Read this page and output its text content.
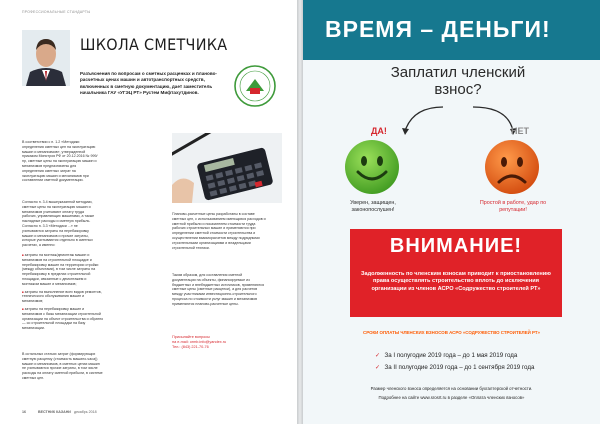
ПРОФЕССИОНАЛЬНЫЕ СТАНДАРТЫ

ШКОЛА СМЕТЧИКА

Разъяснения по вопросам о сметных расценках и планово-расчетных ценах машин и автотранспортных средств, включенных в сметную документацию, дает заместитель начальника ГАУ «УГЭЦ РТ» Рустем Мифтахутдинов.

В соответствии с п. 1.2 «Методики определения сметных цен на эксплуатацию машин и механизмов», утвержденной приказом Минстроя РФ от 20.12.2016 № 999/пр, сметные цены на эксплуатацию машин и механизмов предназначены для определения сметных затрат на эксплуатацию машин и механизмов при составлении сметной документации.

Согласно п. 3.4 вышеуказанной методики, сметные цены на эксплуатацию машин и механизмов учитывают оплату труда рабочих, управляющих машинами, а также накладные расходы и сметную прибыль. Согласно п. 3.3 «Методики ...» не учитываются затраты на перебазировку машин и механизмов и прочие затраты, которые учитываются отдельно в сметных расчетах, а именно:

■ затраты на монтаж/демонтаж машин и механизмов на строительной площадке и перебазировку машин на территории стройки (между объектами), в том числе затраты на перебазировку в пределах строительной площадки, связанные с демонтажем и монтажом машин и механизмов;
■ затраты на выполнение всех видов ремонтов, технического обслуживания машин и механизмов;
■ затраты на перебазировку машин и механизмов с базы механизации строительной организации на объект строительства и обратно — со строительной площадки на базу механизации.

В остальных статьях затрат (формирующих сметную расценку (стоимость машино-часа)) машин и механизмов, в сметных ценах машин не учитываются прочие затраты, в том числе расходы на оплату сметной прибыли, в системе сметных цен.

Планово-расчетные цены разработаны в составе сметных цен, с использованием имеющихся расходов и сметной прибыли и показателем стоимости труда рабочих строительных машин и применяются при определении сметной стоимости строительства и осуществлении взаиморасчетов между подрядными строительными организациями и владельцами строительной техники.

Таким образом, для составления сметной документации на объекты, финансируемые из бюджетных и внебюджетных источников, применяются сметные цены (сметные расценки), а для расчетов между участниками инвестиционно-строительного процесса по стоимости услуг машин и механизмов применяются планово-расчетные цены.

Присылайте вопросы

на e-mail: ormb.info@yandex.ru

Тел.: (843) 221-70-76

16	ВЕСТНИК КАЗАНИ декабрь 2018

ВРЕМЯ – ДЕНЬГИ!

Заплатил членский взнос?

ДА!	НЕТ

Уверен, защищен, законопослушен!

Простой в работе, удар по репутации!

ВНИМАНИЕ!

Задолженность по членским взносам приводит к приостановлению права осуществлять строительство вплоть до исключения организации из членов АСРО «Содружество строителей РТ»

СРОКИ ОПЛАТЫ ЧЛЕНСКИХ ВЗНОСОВ АСРО «СОДРУЖЕСТВО СТРОИТЕЛЕЙ РТ»

✓ За I полугодие 2019 года – до 1 мая 2019 года
✓ За II полугодие 2019 года – до 1 сентября 2019 года

Размер членского взноса определяется на основании бухгалтерской отчетности.

Подробнее на сайте www.srosrt.ru в разделе «Оплата членских взносов»
